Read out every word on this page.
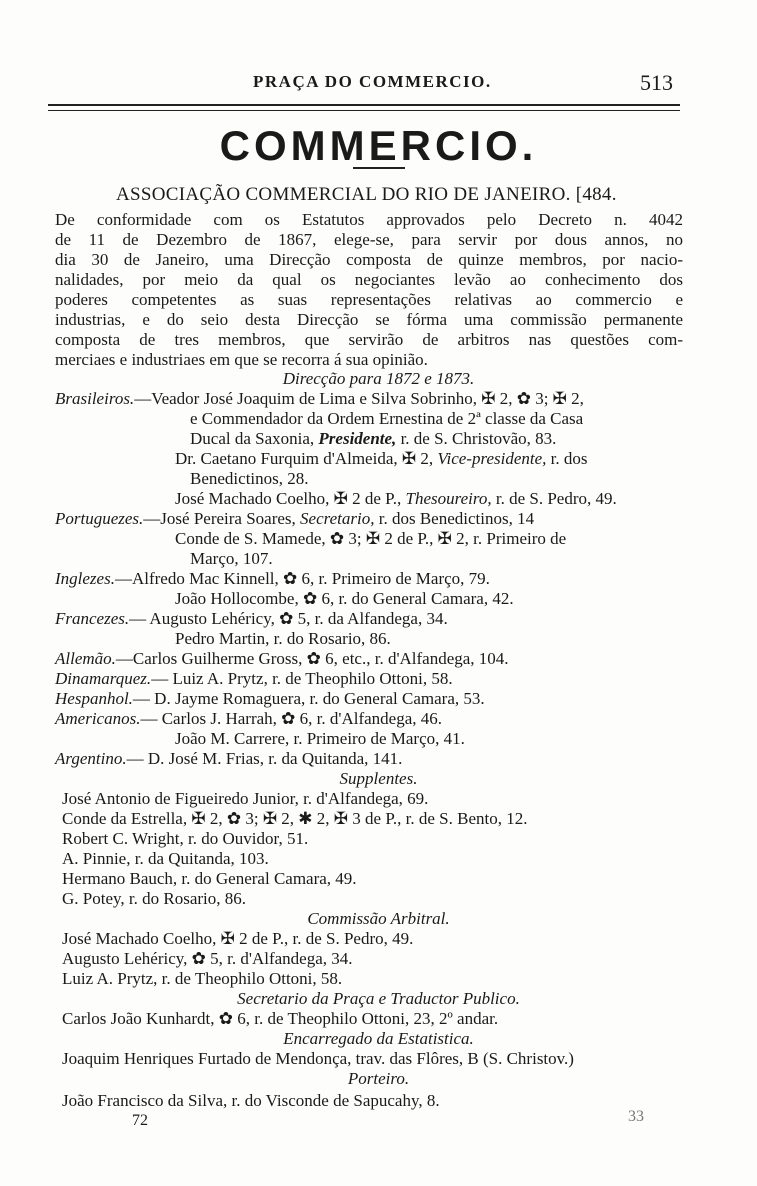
PRAÇA DO COMMERCIO.	513
COMMERCIO.
ASSOCIAÇÃO COMMERCIAL DO RIO DE JANEIRO. [484.
De conformidade com os Estatutos approvados pelo Decreto n. 4042
de 11 de Dezembro de 1867, elege-se, para servir por dous annos, no
dia 30 de Janeiro, uma Direcção composta de quinze membros, por nacio-
nalidades, por meio da qual os negociantes levão ao conhecimento dos
poderes competentes as suas representações relativas ao commercio e
industrias, e do seio desta Direcção se fórma uma commissão permanente
composta de tres membros, que servirão de arbitros nas questões com-
merciaes e industriaes em que se recorra á sua opinião.
Direcção para 1872 e 1873.
Brasileiros.—Veador José Joaquim de Lima e Silva Sobrinho, ✠ 2, ✿ 3; ✠ 2,
e Commendador da Ordem Ernestina de 2ª classe da Casa
Ducal da Saxonia, Presidente, r. de S. Christovão, 83.
Dr. Caetano Furquim d'Almeida, ✠ 2, Vice-presidente, r. dos
Benedictinos, 28.
José Machado Coelho, ✠ 2 de P., Thesoureiro, r. de S. Pedro, 49.
Portuguezes.—José Pereira Soares, Secretario, r. dos Benedictinos, 14
Conde de S. Mamede, ✿ 3; ✠ 2 de P., ✠ 2, r. Primeiro de
Março, 107.
Inglezes.—Alfredo Mac Kinnell, ✿ 6, r. Primeiro de Março, 79.
João Hollocombe, ✿ 6, r. do General Camara, 42.
Francezes.— Augusto Lehéricy, ✿ 5, r. da Alfandega, 34.
Pedro Martin, r. do Rosario, 86.
Allemão.—Carlos Guilherme Gross, ✿ 6, etc., r. d'Alfandega, 104.
Dinamarquez.— Luiz A. Prytz, r. de Theophilo Ottoni, 58.
Hespanhol.— D. Jayme Romaguera, r. do General Camara, 53.
Americanos.— Carlos J. Harrah, ✿ 6, r. d'Alfandega, 46.
João M. Carrere, r. Primeiro de Março, 41.
Argentino.— D. José M. Frias, r. da Quitanda, 141.
Supplentes.
José Antonio de Figueiredo Junior, r. d'Alfandega, 69.
Conde da Estrella, ✠ 2, ✿ 3; ✠ 2, ✱ 2, ✠ 3 de P., r. de S. Bento, 12.
Robert C. Wright, r. do Ouvidor, 51.
A. Pinnie, r. da Quitanda, 103.
Hermano Bauch, r. do General Camara, 49.
G. Potey, r. do Rosario, 86.
Commissão Arbitral.
José Machado Coelho, ✠ 2 de P., r. de S. Pedro, 49.
Augusto Lehéricy, ✿ 5, r. d'Alfandega, 34.
Luiz A. Prytz, r. de Theophilo Ottoni, 58.
Secretario da Praça e Traductor Publico.
Carlos João Kunhardt, ✿ 6, r. de Theophilo Ottoni, 23, 2º andar.
Encarregado da Estatistica.
Joaquim Henriques Furtado de Mendonça, trav. das Flôres, B (S. Christov.)
Porteiro.
João Francisco da Silva, r. do Visconde de Sapucahy, 8.
72	33
